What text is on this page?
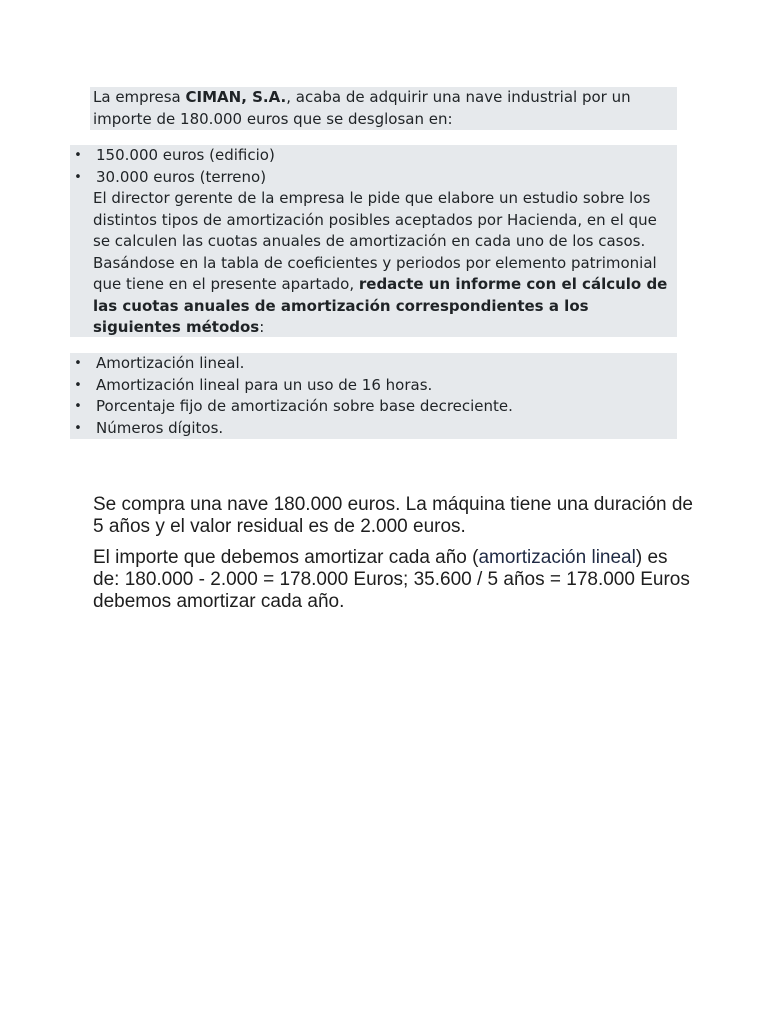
La empresa CIMAN, S.A., acaba de adquirir una nave industrial por un importe de 180.000 euros que se desglosan en:
• 150.000 euros (edificio)
• 30.000 euros (terreno)

El director gerente de la empresa le pide que elabore un estudio sobre los distintos tipos de amortización posibles aceptados por Hacienda, en el que se calculen las cuotas anuales de amortización en cada uno de los casos. Basándose en la tabla de coeficientes y periodos por elemento patrimonial que tiene en el presente apartado, redacte un informe con el cálculo de las cuotas anuales de amortización correspondientes a los siguientes métodos:

• Amortización lineal.
• Amortización lineal para un uso de 16 horas.
• Porcentaje fijo de amortización sobre base decreciente.
• Números dígitos.

Se compra una nave 180.000 euros. La máquina tiene una duración de 5 años y el valor residual es de 2.000 euros.

El importe que debemos amortizar cada año (amortización lineal) es de: 180.000 - 2.000 = 178.000 Euros; 35.600 / 5 años = 178.000 Euros debemos amortizar cada año.
